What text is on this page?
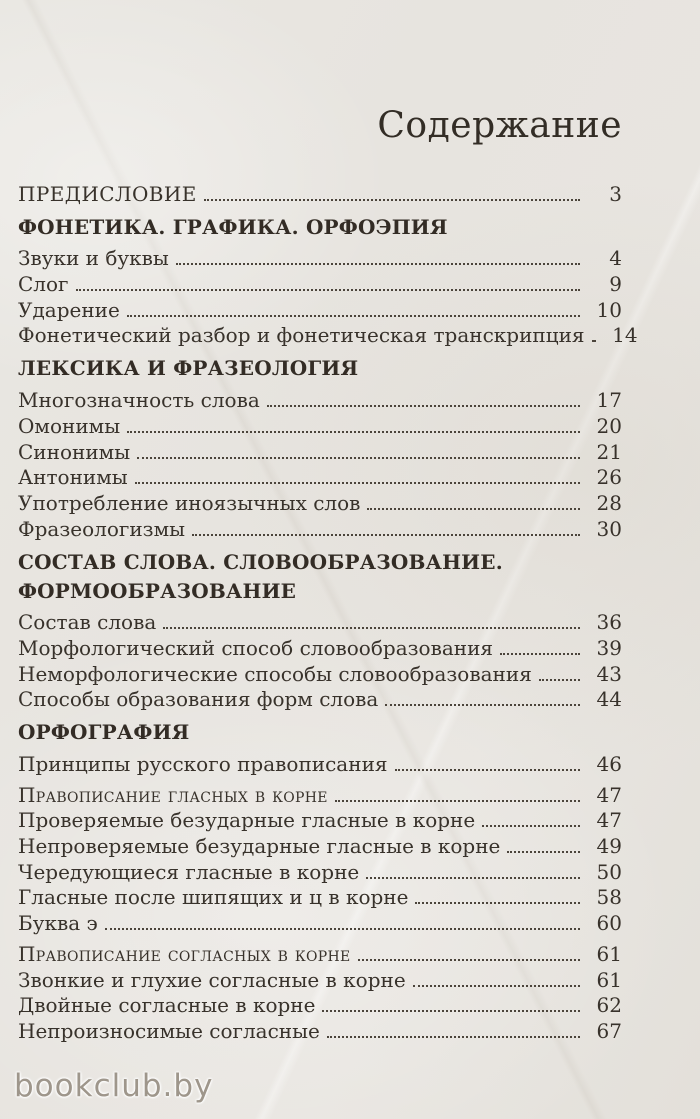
Содержание
ПРЕДИСЛОВИЕ	3
ФОНЕТИКА. ГРАФИКА. ОРФОЭПИЯ
Звуки и буквы	4
Слог	9
Ударение	10
Фонетический разбор и фонетическая транскрипция	14
ЛЕКСИКА И ФРАЗЕОЛОГИЯ
Многозначность слова	17
Омонимы	20
Синонимы	21
Антонимы	26
Употребление иноязычных слов	28
Фразеологизмы	30
СОСТАВ СЛОВА. СЛОВООБРАЗОВАНИЕ.
ФОРМООБРАЗОВАНИЕ
Состав слова	36
Морфологический способ словообразования	39
Неморфологические способы словообразования	43
Способы образования форм слова	44
ОРФОГРАФИЯ
Принципы русского правописания	46
Правописание гласных в корне	47
Проверяемые безударные гласные в корне	47
Непроверяемые безударные гласные в корне	49
Чередующиеся гласные в корне	50
Гласные после шипящих и ц в корне	58
Буква э	60
Правописание согласных в корне	61
Звонкие и глухие согласные в корне	61
Двойные согласные в корне	62
Непроизносимые согласные	67
bookclub.by
